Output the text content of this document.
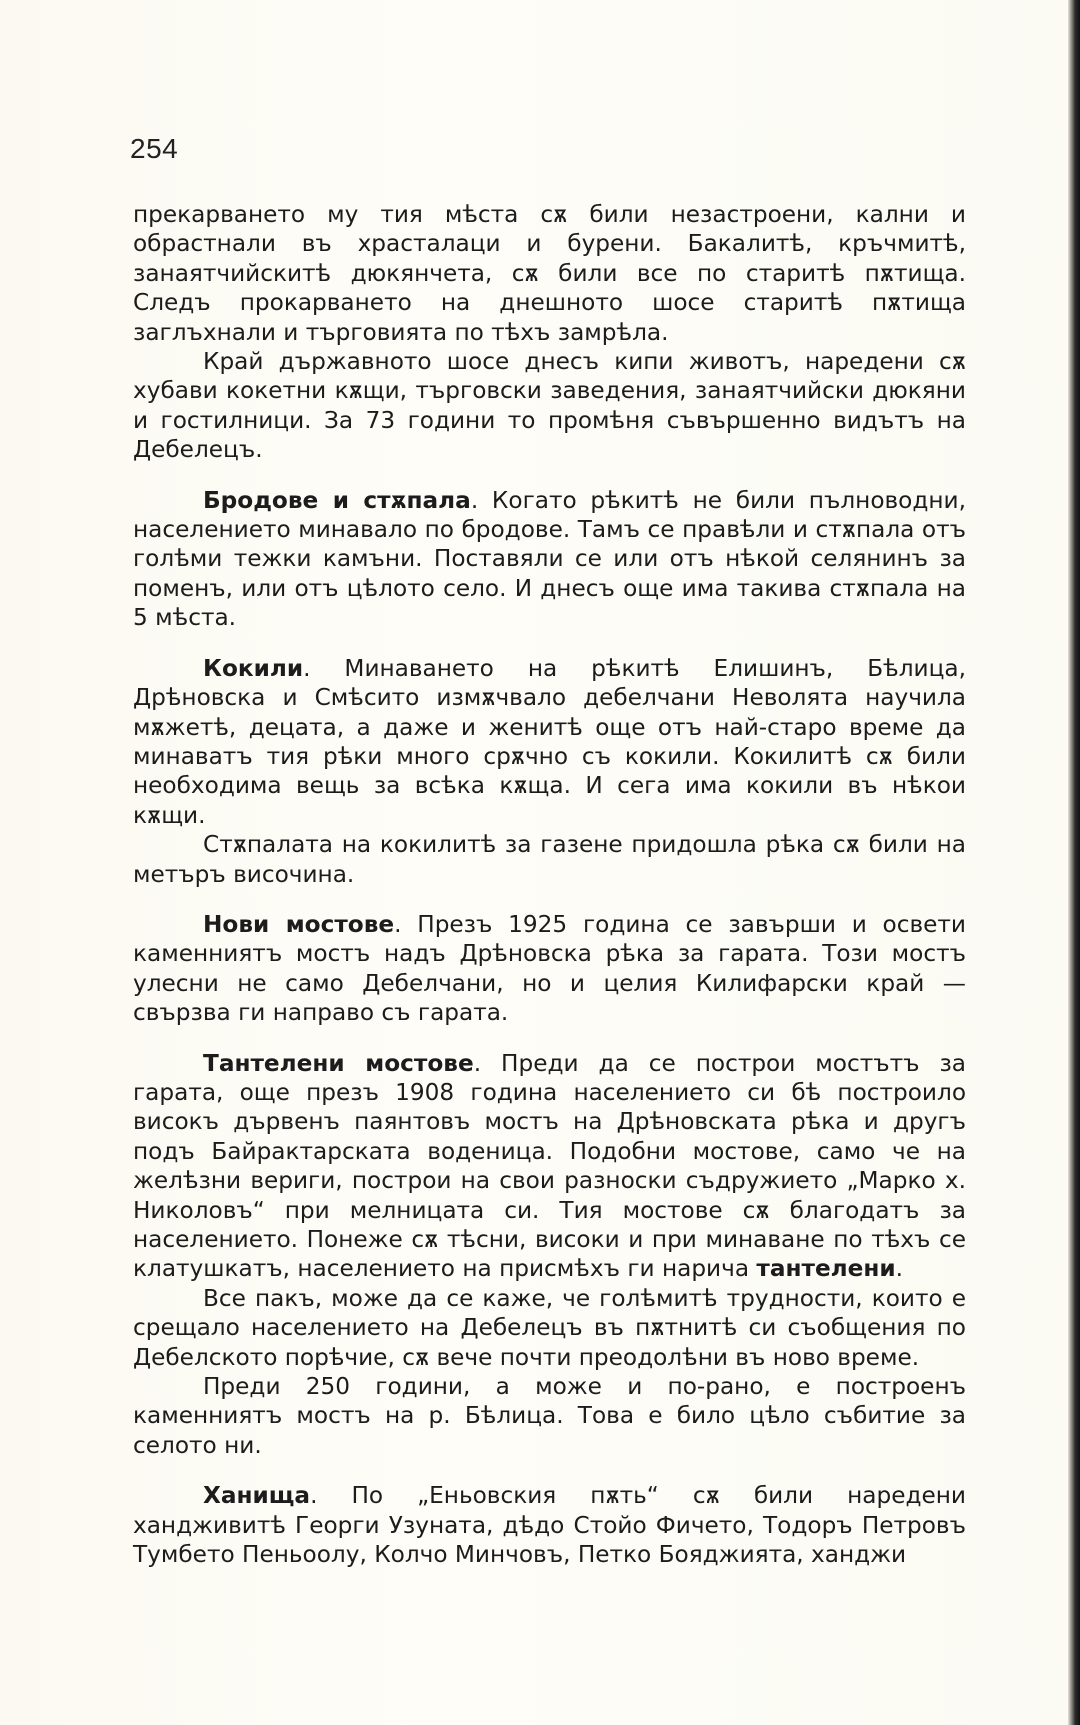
254

прекарването му тия мѣста сѫ били незастроени, кални и обрастнали въ храсталаци и бурени. Бакалитѣ, кръчмитѣ, занаятчийскитѣ дюкянчета, сѫ били все по старитѣ пѫтища. Следъ прокарването на днешното шосе старитѣ пѫтища заглъхнали и търговията по тѣхъ замрѣла.

Край държавното шосе днесъ кипи животъ, наредени сѫ хубави кокетни кѫщи, търговски заведения, занаятчийски дюкяни и гостилници. За 73 години то промѣня съвършенно видътъ на Дебелецъ.

Бродове и стѫпала. Когато рѣкитѣ не били пълноводни, населението минавало по бродове. Тамъ се правѣли и стѫпала отъ голѣми тежки камъни. Поставяли се или отъ нѣкой селянинъ за поменъ, или отъ цѣлото село. И днесъ още има такива стѫпала на 5 мѣста.

Кокили. Минаването на рѣкитѣ Елишинъ, Бѣлица, Дрѣновска и Смѣсито измѫчвало дебелчани Неволята научила мѫжетѣ, децата, а даже и женитѣ още отъ най-старо време да минаватъ тия рѣки много срѫчно съ кокили. Кокилитѣ сѫ били необходима вещь за всѣка кѫща. И сега има кокили въ нѣкои кѫщи.

Стѫпалата на кокилитѣ за газене придошла рѣка сѫ били на метъръ височина.

Нови мостове. Презъ 1925 година се завърши и освети каменниятъ мостъ надъ Дрѣновска рѣка за гарата. Този мостъ улесни не само Дебелчани, но и целия Килифарски край — свързва ги направо съ гарата.

Тантелени мостове. Преди да се построи мостътъ за гарата, още презъ 1908 година населението си бѣ построило високъ дървенъ паянтовъ мостъ на Дрѣновската рѣка и другъ подъ Байрактарската воденица. Подобни мостове, само че на желѣзни вериги, построи на свои разноски съдружието „Марко х. Николовъ“ при мелницата си. Тия мостове сѫ благодатъ за населението. Понеже сѫ тѣсни, високи и при минаване по тѣхъ се клатушкатъ, населението на присмѣхъ ги нарича тантелени.

Все пакъ, може да се каже, че голѣмитѣ трудности, които е срещало населението на Дебелецъ въ пѫтнитѣ си съобщения по Дебелското порѣчие, сѫ вече почти преодолѣни въ ново време.

Преди 250 години, а може и по-рано, е построенъ каменниятъ мостъ на р. Бѣлица. Това е било цѣло събитие за селото ни.

Ханища. По „Еньовския пѫть“ сѫ били наредени хандживитѣ Георги Узуната, дѣдо Стойо Фичето, Тодоръ Петровъ Тумбето Пеньоолу, Колчо Минчовъ, Петко Бояджията, ханджи
